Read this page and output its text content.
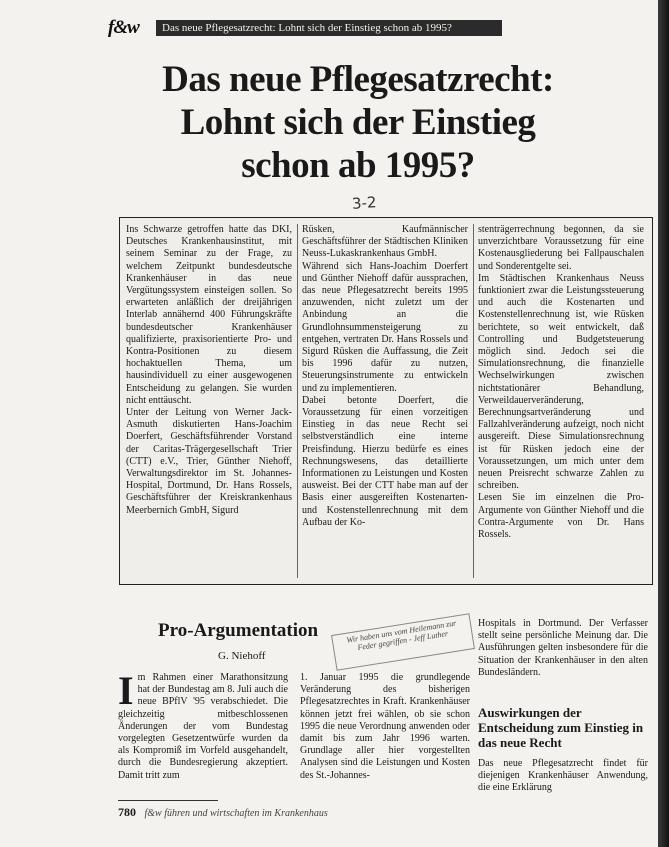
f&w	Das neue Pflegesatzrecht: Lohnt sich der Einstieg schon ab 1995?
Das neue Pflegesatzrecht:
Lohnt sich der Einstieg
schon ab 1995?
3-2

Ins Schwarze getroffen hatte das DKI, Deutsches Krankenhausinstitut, mit seinem Seminar zu der Frage, zu welchem Zeitpunkt bundesdeutsche Krankenhäuser in das neue Vergütungssystem einsteigen sollen. So erwarteten anläßlich der dreijährigen Interlab annähernd 400 Führungskräfte bundesdeutscher Krankenhäuser qualifizierte, praxisorientierte Pro- und Kontra-Positionen zu diesem hochaktuellen Thema, um hausindividuell zu einer ausgewogenen Entscheidung zu gelangen. Sie wurden nicht enttäuscht.

Unter der Leitung von Werner Jack-Asmuth diskutierten Hans-Joachim Doerfert, Geschäftsführender Vorstand der Caritas-Trägergesellschaft Trier (CTT) e.V., Trier, Günther Niehoff, Verwaltungsdirektor im St. Johannes-Hospital, Dortmund, Dr. Hans Rossels, Geschäftsführer der Kreiskrankenhaus Meerbernich GmbH, Sigurd

Rüsken, Kaufmännischer Geschäftsführer der Städtischen Kliniken Neuss-Lukaskrankenhaus GmbH.

Während sich Hans-Joachim Doerfert und Günther Niehoff dafür aussprachen, das neue Pflegesatzrecht bereits 1995 anzuwenden, nicht zuletzt um der Anbindung an die Grundlohnsummensteigerung zu entgehen, vertraten Dr. Hans Rossels und Sigurd Rüsken die Auffassung, die Zeit bis 1996 dafür zu nutzen, Steuerungsinstrumente zu entwickeln und zu implementieren.

Dabei betonte Doerfert, die Voraussetzung für einen vorzeitigen Einstieg in das neue Recht sei selbstverständlich eine interne Preisfindung. Hierzu bedürfe es eines Rechnungswesens, das detaillierte Informationen zu Leistungen und Kosten ausweist. Bei der CTT habe man auf der Basis einer ausgereiften Kostenarten- und Kostenstellenrechnung mit dem Aufbau der Ko-

stenträgerrechnung begonnen, da sie unverzichtbare Voraussetzung für eine Kostenausgliederung bei Fallpauschalen und Sonderentgelte sei.

Im Städtischen Krankenhaus Neuss funktioniert zwar die Leistungssteuerung und auch die Kostenarten und Kostenstellenrechnung ist, wie Rüsken berichtete, so weit entwickelt, daß Controlling und Budgetsteuerung möglich sind. Jedoch sei die Simulationsrechnung, die finanzielle Wechselwirkungen zwischen nichtstationärer Behandlung, Verweildauerveränderung, Berechnungsartveränderung und Fallzahlveränderung aufzeigt, noch nicht ausgereift. Diese Simulationsrechnung ist für Rüsken jedoch eine der Voraussetzungen, um mich unter dem neuen Preisrecht schwarze Zahlen zu schreiben.

Lesen Sie im einzelnen die Pro-Argumente von Günther Niehoff und die Contra-Argumente von Dr. Hans Rossels.

Pro-Argumentation
G. Niehoff
Wir haben uns vom Heilemann zur Feder gegriffen - Jeff Luther

Im Rahmen einer Marathonsitzung hat der Bundestag am 8. Juli auch die neue BPflV '95 verabschiedet. Die gleichzeitig mitbeschlossenen Änderungen der vom Bundestag vorgelegten Gesetzentwürfe wurden da als Kompromiß im Vorfeld ausgehandelt, durch die Bundesregierung akzeptiert. Damit tritt zum

1. Januar 1995 die grundlegende Veränderung des bisherigen Pflegesatzrechtes in Kraft. Krankenhäuser können jetzt frei wählen, ob sie schon 1995 die neue Verordnung anwenden oder damit bis zum Jahr 1996 warten. Grundlage aller hier vorgestellten Analysen sind die Leistungen und Kosten des St.-Johannes-

Hospitals in Dortmund. Der Verfasser stellt seine persönliche Meinung dar. Die Ausführungen gelten insbesondere für die Situation der Krankenhäuser in den alten Bundesländern.

Auswirkungen der Entscheidung zum Einstieg in das neue Recht

Das neue Pflegesatzrecht findet für diejenigen Krankenhäuser Anwendung, die eine Erklärung

780 f&w führen und wirtschaften im Krankenhaus
